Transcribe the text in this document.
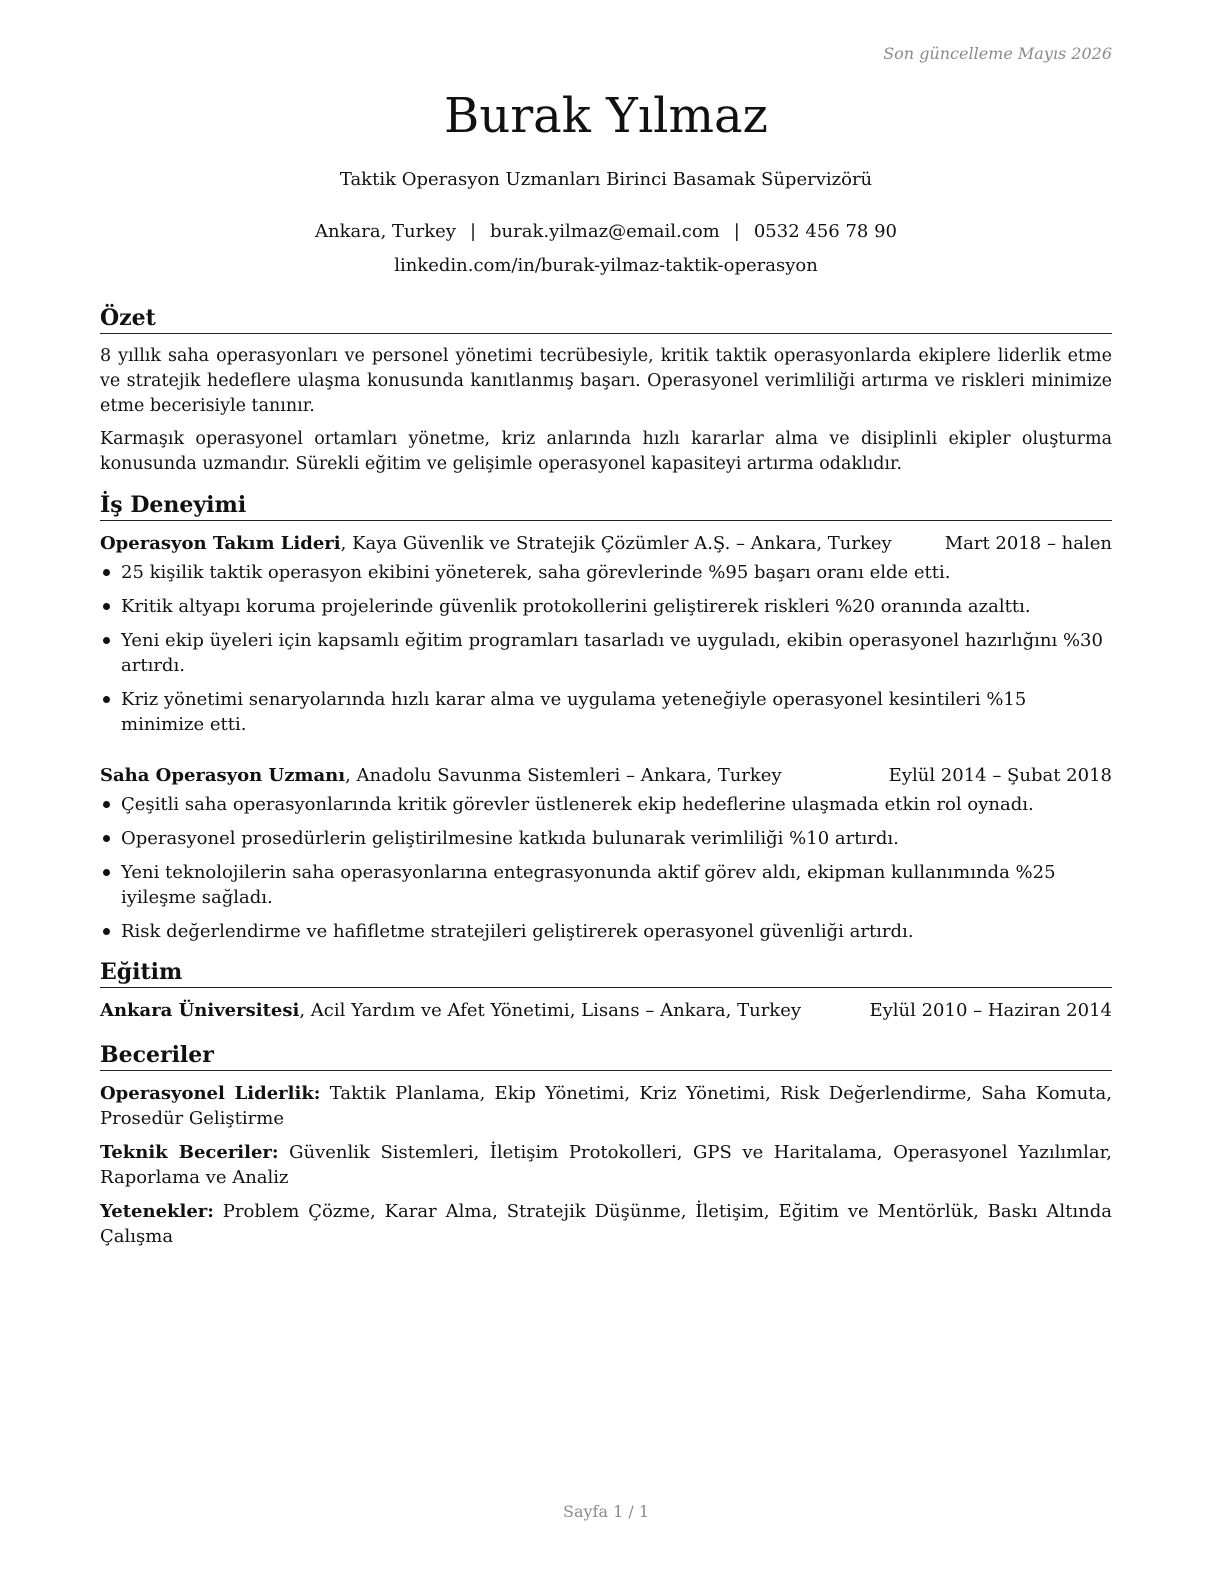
Son güncelleme Mayıs 2026
Burak Yılmaz
Taktik Operasyon Uzmanları Birinci Basamak Süpervizörü
Ankara, Turkey | burak.yilmaz@email.com | 0532 456 78 90
linkedin.com/in/burak-yilmaz-taktik-operasyon
Özet

8 yıllık saha operasyonları ve personel yönetimi tecrübesiyle, kritik taktik operasyonlarda ekiplere liderlik etme ve stratejik hedeflere ulaşma konusunda kanıtlanmış başarı. Operasyonel verimliliği artırma ve riskleri minimize etme becerisiyle tanınır.

Karmaşık operasyonel ortamları yönetme, kriz anlarında hızlı kararlar alma ve disiplinli ekipler oluşturma konusunda uzmandır. Sürekli eğitim ve gelişimle operasyonel kapasiteyi artırma odaklıdır.

İş Deneyimi
Operasyon Takım Lideri, Kaya Güvenlik ve Stratejik Çözümler A.Ş. – Ankara, Turkey	Mart 2018 – halen
25 kişilik taktik operasyon ekibini yöneterek, saha görevlerinde %95 başarı oranı elde etti.
Kritik altyapı koruma projelerinde güvenlik protokollerini geliştirerek riskleri %20 oranında azalttı.
Yeni ekip üyeleri için kapsamlı eğitim programları tasarladı ve uyguladı, ekibin operasyonel hazırlığını %30 artırdı.
Kriz yönetimi senaryolarında hızlı karar alma ve uygulama yeteneğiyle operasyonel kesintileri %15 minimize etti.
Saha Operasyon Uzmanı, Anadolu Savunma Sistemleri – Ankara, Turkey	Eylül 2014 – Şubat 2018
Çeşitli saha operasyonlarında kritik görevler üstlenerek ekip hedeflerine ulaşmada etkin rol oynadı.
Operasyonel prosedürlerin geliştirilmesine katkıda bulunarak verimliliği %10 artırdı.
Yeni teknolojilerin saha operasyonlarına entegrasyonunda aktif görev aldı, ekipman kullanımında %25 iyileşme sağladı.
Risk değerlendirme ve hafifletme stratejileri geliştirerek operasyonel güvenliği artırdı.
Eğitim
Ankara Üniversitesi, Acil Yardım ve Afet Yönetimi, Lisans – Ankara, Turkey	Eylül 2010 – Haziran 2014
Beceriler

Operasyonel Liderlik: Taktik Planlama, Ekip Yönetimi, Kriz Yönetimi, Risk Değerlendirme, Saha Komuta, Prosedür Geliştirme

Teknik Beceriler: Güvenlik Sistemleri, İletişim Protokolleri, GPS ve Haritalama, Operasyonel Yazılımlar, Raporlama ve Analiz

Yetenekler: Problem Çözme, Karar Alma, Stratejik Düşünme, İletişim, Eğitim ve Mentörlük, Baskı Altında Çalışma

Sayfa 1 / 1
